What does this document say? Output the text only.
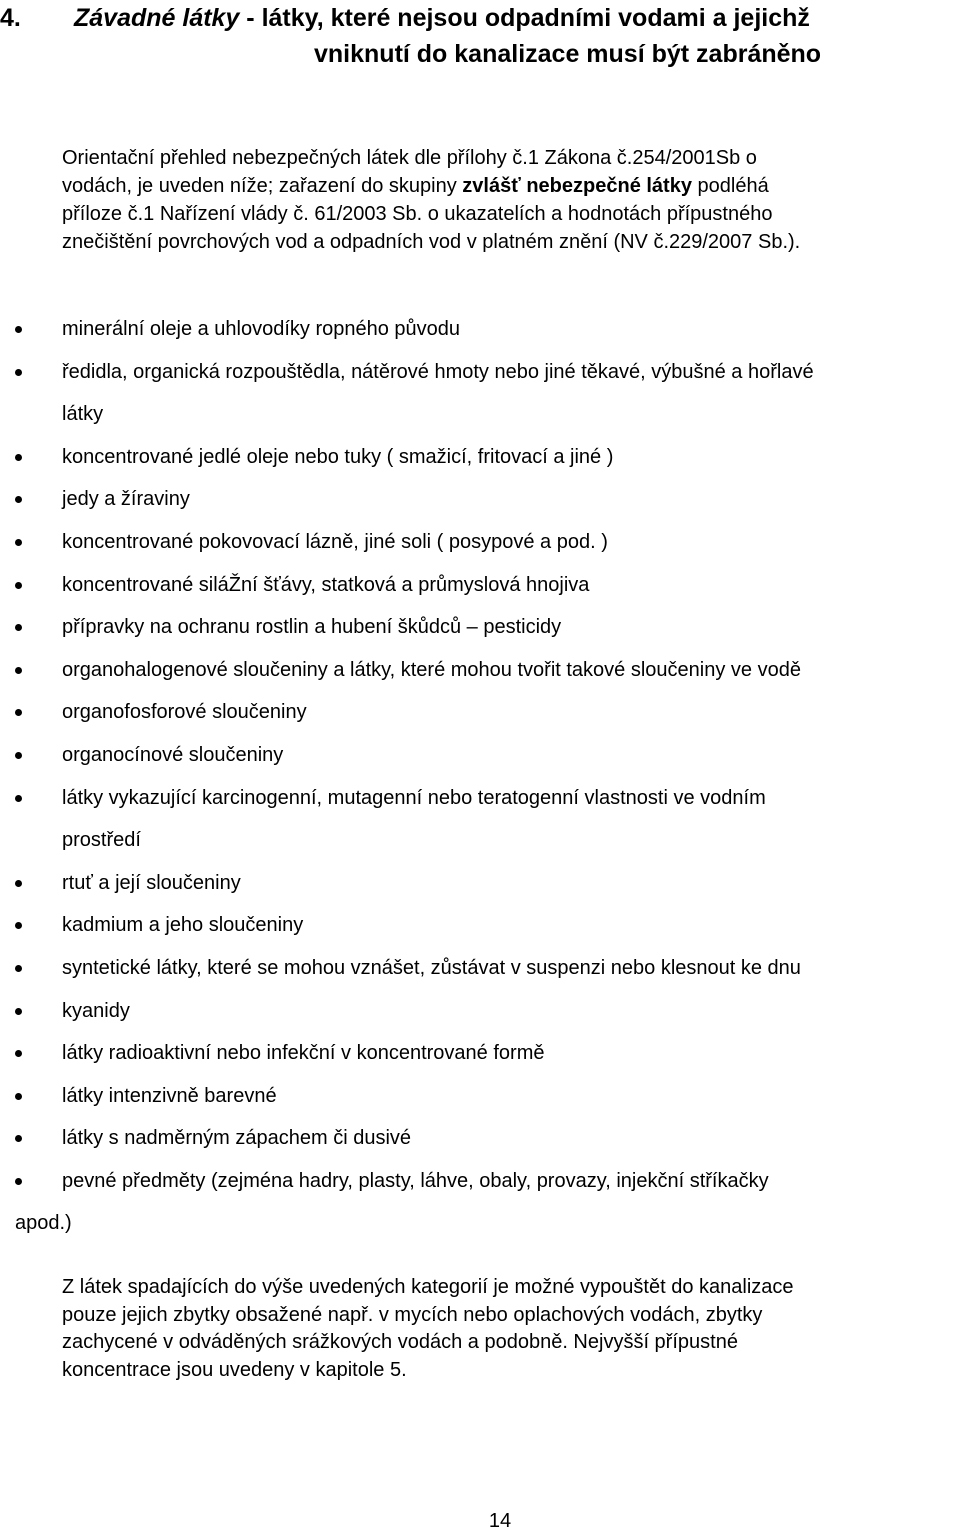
4. Závadné látky - látky, které nejsou odpadními vodami a jejichž
vniknutí do kanalizace musí být zabráněno
Orientační přehled nebezpečných látek dle přílohy č.1 Zákona č.254/2001Sb o
vodách, je uveden níže; zařazení do skupiny zvlášť nebezpečné látky podléhá
příloze č.1 Nařízení vlády č. 61/2003 Sb. o ukazatelích a hodnotách přípustného
znečištění povrchových vod a odpadních vod v platném znění (NV č.229/2007 Sb.).
minerální oleje a uhlovodíky ropného původu
ředidla, organická rozpouštědla, nátěrové hmoty nebo jiné těkavé, výbušné a hořlavé
látky
koncentrované jedlé oleje nebo tuky ( smažicí, fritovací a jiné )
jedy a žíraviny
koncentrované pokovovací lázně, jiné soli ( posypové a pod. )
koncentrované siláŽní šťávy, statková a průmyslová hnojiva
přípravky na ochranu rostlin a hubení škůdců – pesticidy
organohalogenové sloučeniny a látky, které mohou tvořit takové sloučeniny ve vodě
organofosforové sloučeniny
organocínové sloučeniny
látky vykazující karcinogenní, mutagenní nebo teratogenní vlastnosti ve vodním
prostředí
rtuť a její sloučeniny
kadmium a jeho sloučeniny
syntetické látky, které se mohou vznášet, zůstávat v suspenzi nebo klesnout ke dnu
kyanidy
látky radioaktivní nebo infekční v koncentrované formě
látky intenzivně barevné
látky s nadměrným zápachem či dusivé
pevné předměty (zejména hadry, plasty, láhve, obaly, provazy, injekční stříkačky
apod.)
Z látek spadajících do výše uvedených kategorií je možné vypouštět do kanalizace
pouze jejich zbytky obsažené např. v mycích nebo oplachových vodách, zbytky
zachycené v odváděných srážkových vodách a podobně. Nejvyšší přípustné
koncentrace jsou uvedeny v kapitole 5.
14
